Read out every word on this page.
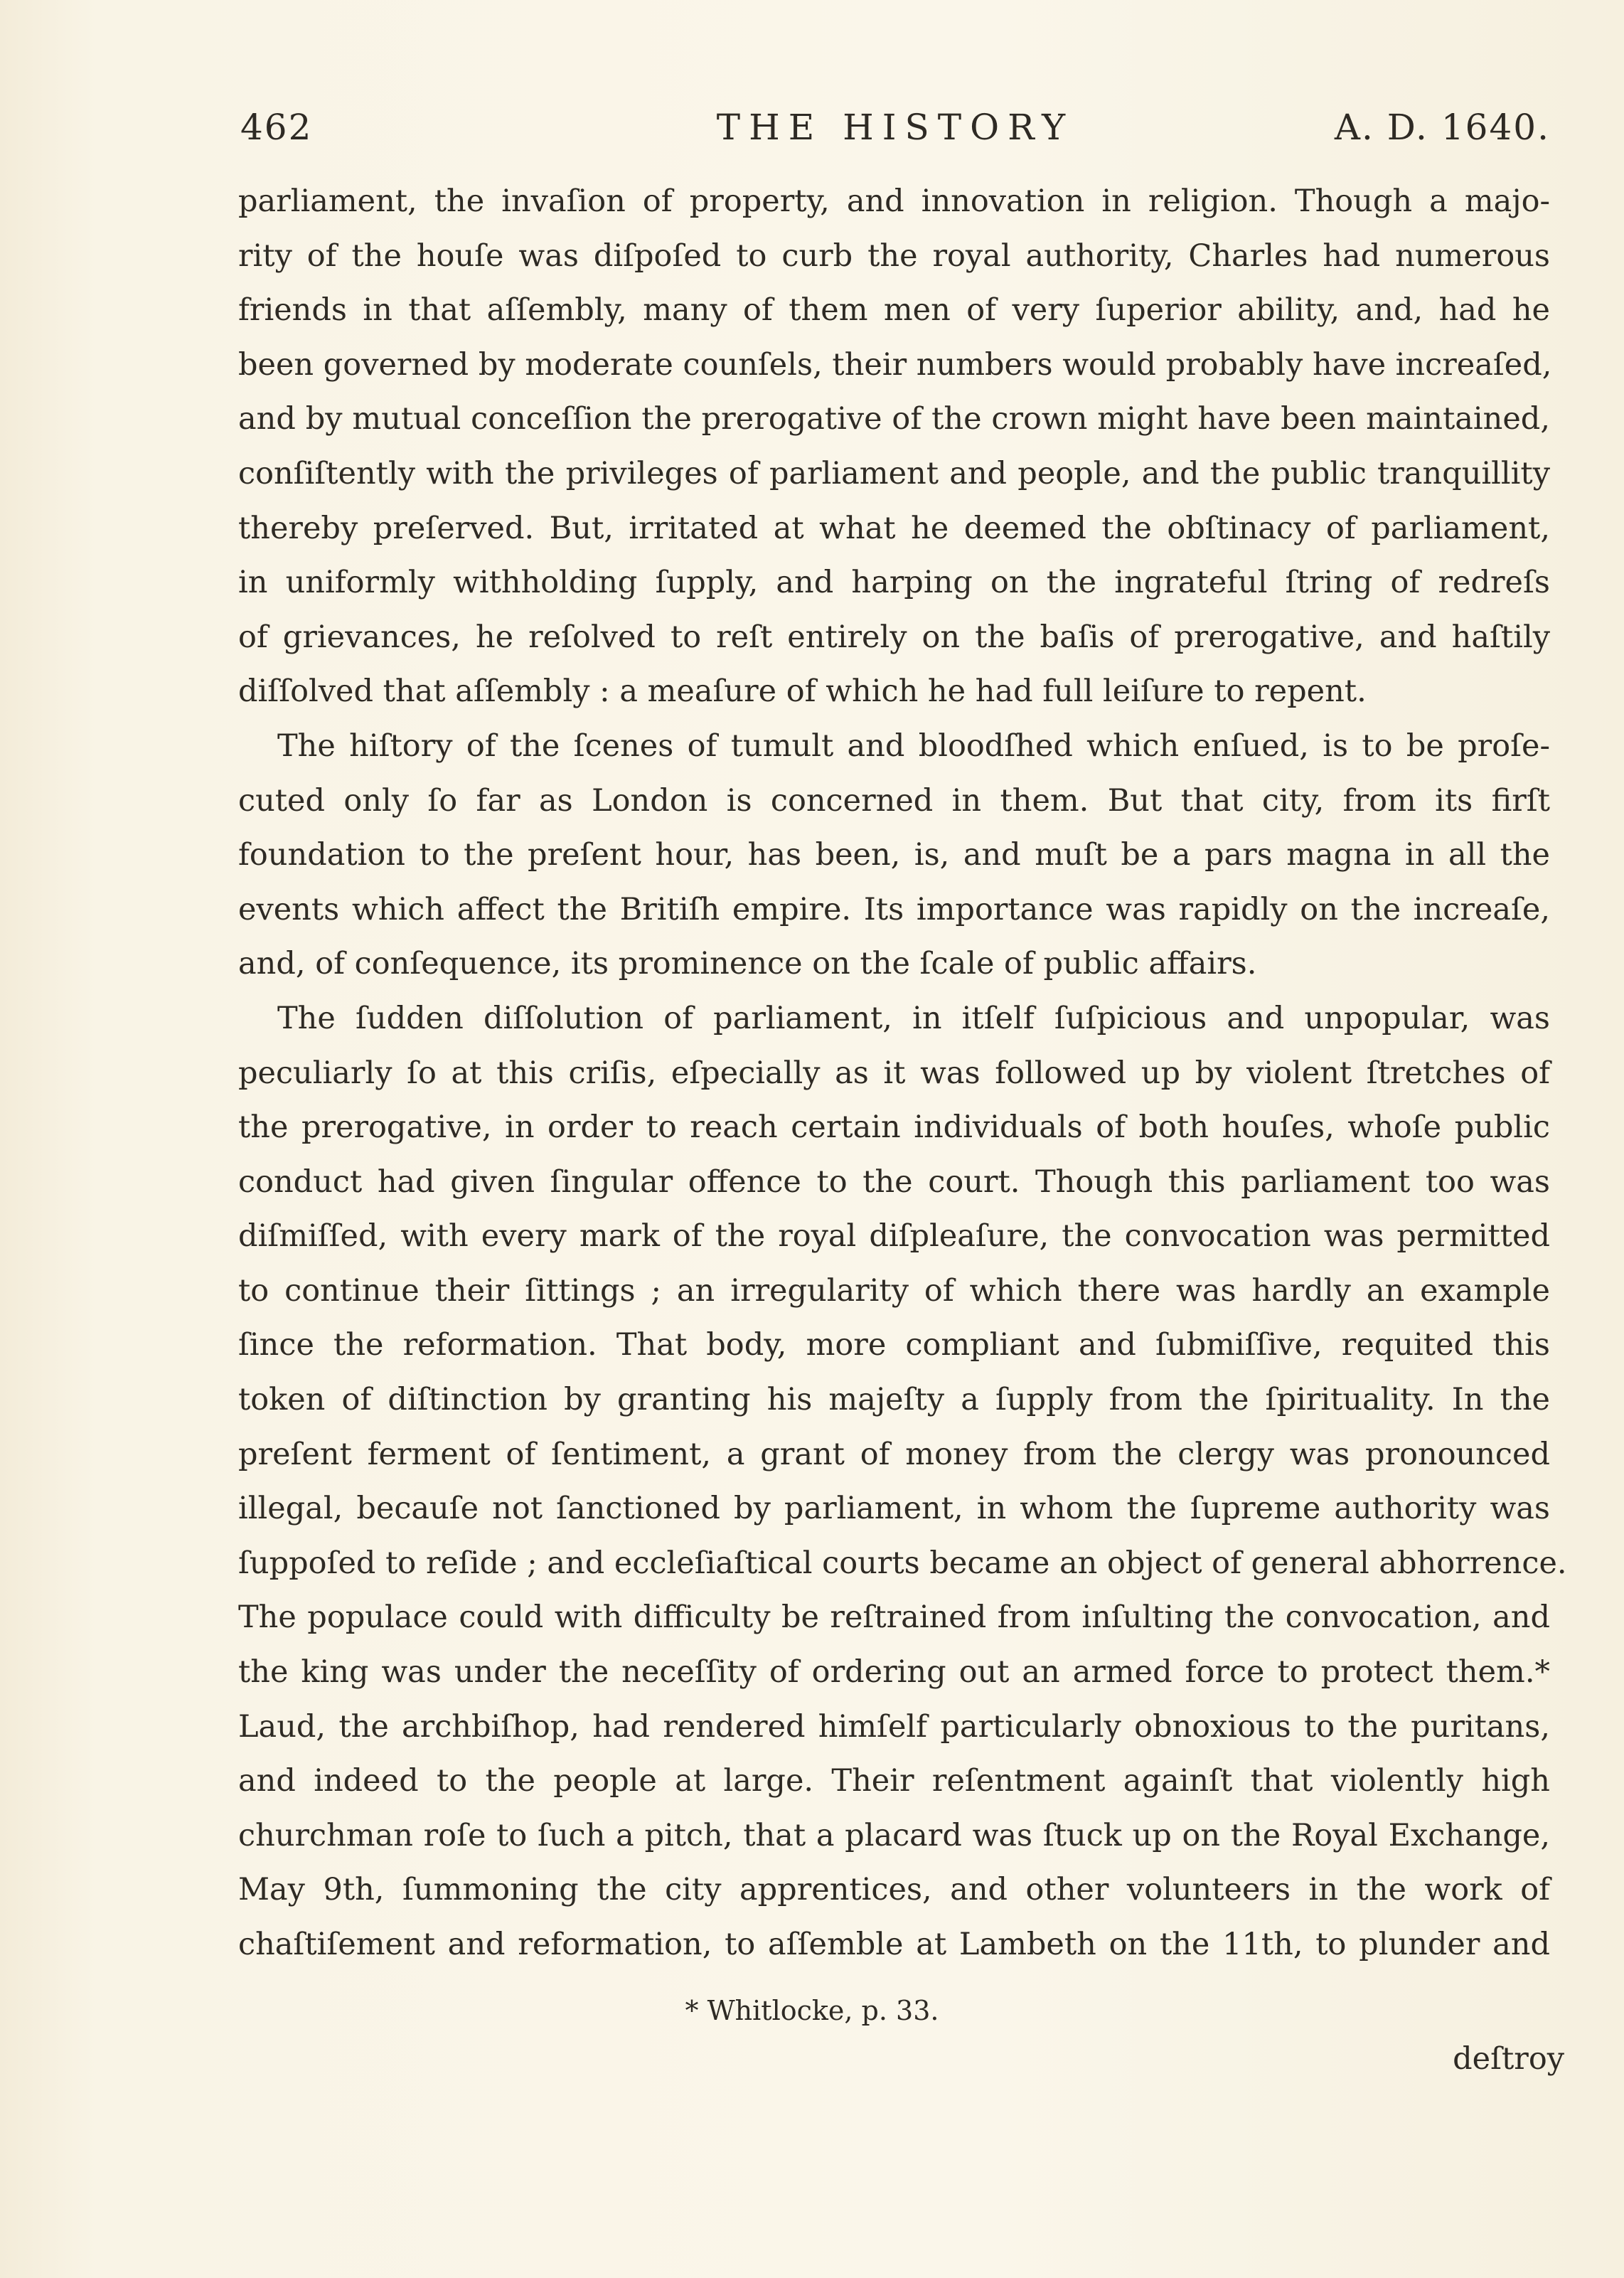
462	THE HISTORY	A. D. 1640.
parliament, the invaſion of property, and innovation in religion. Though a majo-
rity of the houſe was diſpoſed to curb the royal authority, Charles had numerous
friends in that aſſembly, many of them men of very ſuperior ability, and, had he
been governed by moderate counſels, their numbers would probably have increaſed,
and by mutual conceſſion the prerogative of the crown might have been maintained,
conſiſtently with the privileges of parliament and people, and the public tranquillity
thereby preſerved. But, irritated at what he deemed the obſtinacy of parliament,
in uniformly withholding ſupply, and harping on the ingrateful ſtring of redreſs
of grievances, he reſolved to reſt entirely on the baſis of prerogative, and haſtily
diſſolved that aſſembly : a meaſure of which he had full leiſure to repent.
The hiſtory of the ſcenes of tumult and bloodſhed which enſued, is to be proſe-
cuted only ſo far as London is concerned in them. But that city, from its firſt
foundation to the preſent hour, has been, is, and muſt be a pars magna in all the
events which affect the Britiſh empire. Its importance was rapidly on the increaſe,
and, of conſequence, its prominence on the ſcale of public affairs.
The ſudden diſſolution of parliament, in itſelf ſuſpicious and unpopular, was
peculiarly ſo at this criſis, eſpecially as it was followed up by violent ſtretches of
the prerogative, in order to reach certain individuals of both houſes, whoſe public
conduct had given ſingular offence to the court. Though this parliament too was
diſmiſſed, with every mark of the royal diſpleaſure, the convocation was permitted
to continue their ſittings ; an irregularity of which there was hardly an example
ſince the reformation. That body, more compliant and ſubmiſſive, requited this
token of diſtinction by granting his majeſty a ſupply from the ſpirituality. In the
preſent ferment of ſentiment, a grant of money from the clergy was pronounced
illegal, becauſe not ſanctioned by parliament, in whom the ſupreme authority was
ſuppoſed to reſide ; and eccleſiaſtical courts became an object of general abhorrence.
The populace could with difficulty be reſtrained from inſulting the convocation, and
the king was under the neceſſity of ordering out an armed force to protect them.*
Laud, the archbiſhop, had rendered himſelf particularly obnoxious to the puritans,
and indeed to the people at large. Their reſentment againſt that violently high
churchman roſe to ſuch a pitch, that a placard was ſtuck up on the Royal Exchange,
May 9th, ſummoning the city apprentices, and other volunteers in the work of
chaſtiſement and reformation, to aſſemble at Lambeth on the 11th, to plunder and
* Whitlocke, p. 33.
deſtroy
